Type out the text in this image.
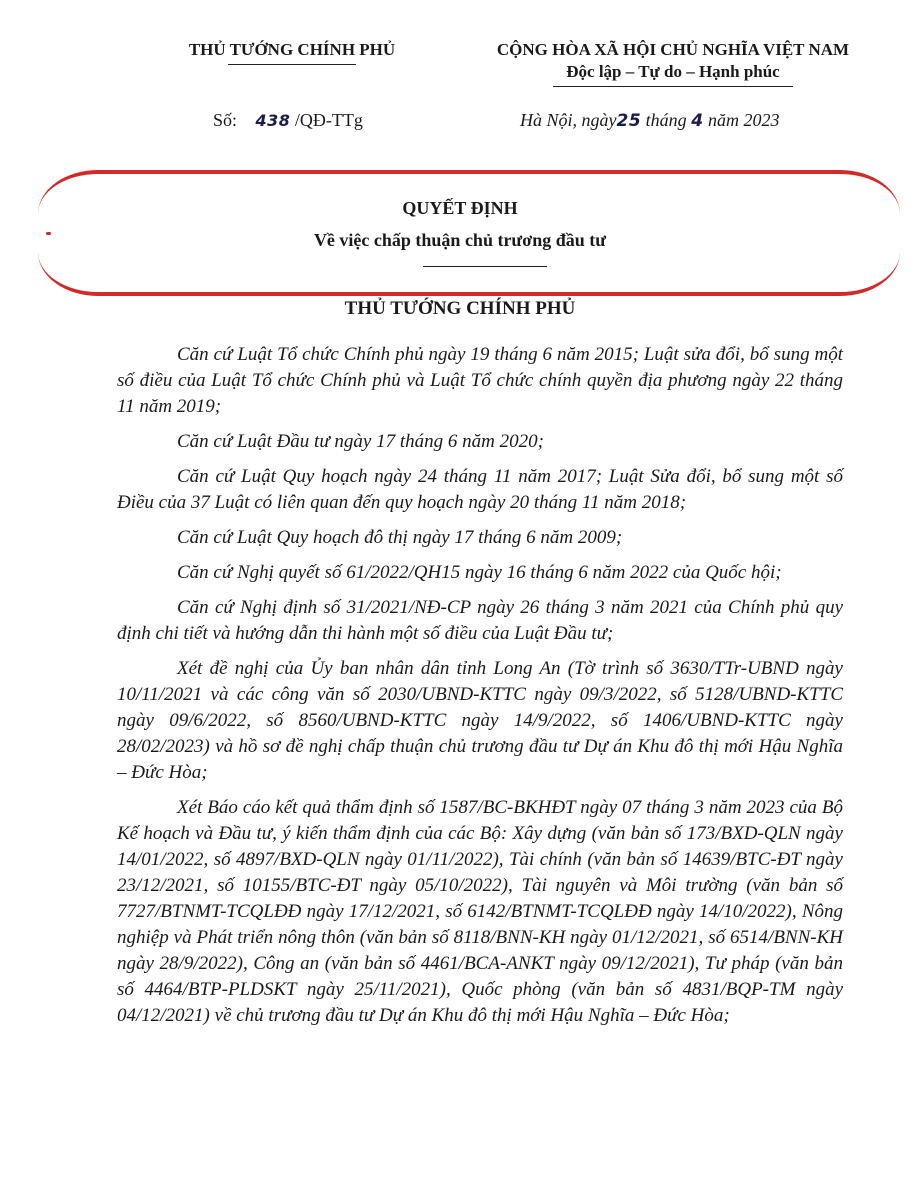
THỦ TƯỚNG CHÍNH PHỦ	CỘNG HÒA XÃ HỘI CHỦ NGHĨA VIỆT NAM
Độc lập – Tự do – Hạnh phúc
Số: 438 /QĐ-TTg	Hà Nội, ngày25 tháng 4 năm 2023
QUYẾT ĐỊNH
Về việc chấp thuận chủ trương đầu tư
THỦ TƯỚNG CHÍNH PHỦ

Căn cứ Luật Tổ chức Chính phủ ngày 19 tháng 6 năm 2015; Luật sửa đổi, bổ sung một số điều của Luật Tổ chức Chính phủ và Luật Tổ chức chính quyền địa phương ngày 22 tháng 11 năm 2019;

Căn cứ Luật Đầu tư ngày 17 tháng 6 năm 2020;

Căn cứ Luật Quy hoạch ngày 24 tháng 11 năm 2017; Luật Sửa đổi, bổ sung một số Điều của 37 Luật có liên quan đến quy hoạch ngày 20 tháng 11 năm 2018;

Căn cứ Luật Quy hoạch đô thị ngày 17 tháng 6 năm 2009;

Căn cứ Nghị quyết số 61/2022/QH15 ngày 16 tháng 6 năm 2022 của Quốc hội;

Căn cứ Nghị định số 31/2021/NĐ-CP ngày 26 tháng 3 năm 2021 của Chính phủ quy định chi tiết và hướng dẫn thi hành một số điều của Luật Đầu tư;

Xét đề nghị của Ủy ban nhân dân tỉnh Long An (Tờ trình số 3630/TTr-UBND ngày 10/11/2021 và các công văn số 2030/UBND-KTTC ngày 09/3/2022, số 5128/UBND-KTTC ngày 09/6/2022, số 8560/UBND-KTTC ngày 14/9/2022, số 1406/UBND-KTTC ngày 28/02/2023) và hồ sơ đề nghị chấp thuận chủ trương đầu tư Dự án Khu đô thị mới Hậu Nghĩa – Đức Hòa;

Xét Báo cáo kết quả thẩm định số 1587/BC-BKHĐT ngày 07 tháng 3 năm 2023 của Bộ Kế hoạch và Đầu tư, ý kiến thẩm định của các Bộ: Xây dựng (văn bản số 173/BXD-QLN ngày 14/01/2022, số 4897/BXD-QLN ngày 01/11/2022), Tài chính (văn bản số 14639/BTC-ĐT ngày 23/12/2021, số 10155/BTC-ĐT ngày 05/10/2022), Tài nguyên và Môi trường (văn bản số 7727/BTNMT-TCQLĐĐ ngày 17/12/2021, số 6142/BTNMT-TCQLĐĐ ngày 14/10/2022), Nông nghiệp và Phát triển nông thôn (văn bản số 8118/BNN-KH ngày 01/12/2021, số 6514/BNN-KH ngày 28/9/2022), Công an (văn bản số 4461/BCA-ANKT ngày 09/12/2021), Tư pháp (văn bản số 4464/BTP-PLDSKT ngày 25/11/2021), Quốc phòng (văn bản số 4831/BQP-TM ngày 04/12/2021) về chủ trương đầu tư Dự án Khu đô thị mới Hậu Nghĩa – Đức Hòa;
